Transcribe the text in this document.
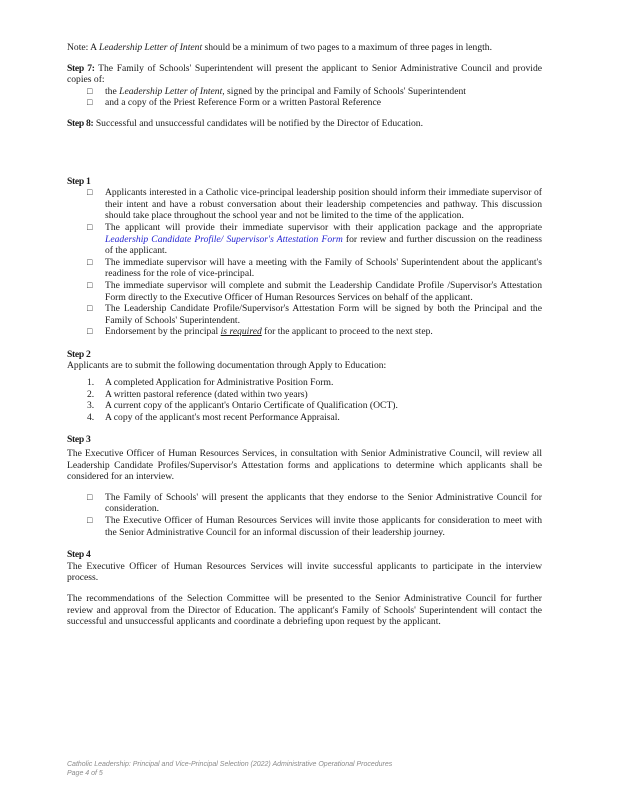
Note: A Leadership Letter of Intent should be a minimum of two pages to a maximum of three pages in length.

Step 7: The Family of Schools' Superintendent will present the applicant to Senior Administrative Council and provide copies of:

□ the Leadership Letter of Intent, signed by the principal and Family of Schools' Superintendent
□ and a copy of the Priest Reference Form or a written Pastoral Reference

Step 8: Successful and unsuccessful candidates will be notified by the Director of Education.

Step 1

□ Applicants interested in a Catholic vice-principal leadership position should inform their immediate supervisor of their intent and have a robust conversation about their leadership competencies and pathway. This discussion should take place throughout the school year and not be limited to the time of the application.
□ The applicant will provide their immediate supervisor with their application package and the appropriate Leadership Candidate Profile/ Supervisor's Attestation Form for review and further discussion on the readiness of the applicant.
□ The immediate supervisor will have a meeting with the Family of Schools' Superintendent about the applicant's readiness for the role of vice-principal.
□ The immediate supervisor will complete and submit the Leadership Candidate Profile /Supervisor's Attestation Form directly to the Executive Officer of Human Resources Services on behalf of the applicant.
□ The Leadership Candidate Profile/Supervisor's Attestation Form will be signed by both the Principal and the Family of Schools' Superintendent.
□ Endorsement by the principal is required for the applicant to proceed to the next step.

Step 2

Applicants are to submit the following documentation through Apply to Education:

1. A completed Application for Administrative Position Form.
2. A written pastoral reference (dated within two years)
3. A current copy of the applicant's Ontario Certificate of Qualification (OCT).
4. A copy of the applicant's most recent Performance Appraisal.

Step 3

The Executive Officer of Human Resources Services, in consultation with Senior Administrative Council, will review all Leadership Candidate Profiles/Supervisor's Attestation forms and applications to determine which applicants shall be considered for an interview.

□ The Family of Schools' will present the applicants that they endorse to the Senior Administrative Council for consideration.
□ The Executive Officer of Human Resources Services will invite those applicants for consideration to meet with the Senior Administrative Council for an informal discussion of their leadership journey.

Step 4

The Executive Officer of Human Resources Services will invite successful applicants to participate in the interview process.

The recommendations of the Selection Committee will be presented to the Senior Administrative Council for further review and approval from the Director of Education. The applicant's Family of Schools' Superintendent will contact the successful and unsuccessful applicants and coordinate a debriefing upon request by the applicant.

Catholic Leadership: Principal and Vice-Principal Selection (2022) Administrative Operational Procedures
Page 4 of 5
